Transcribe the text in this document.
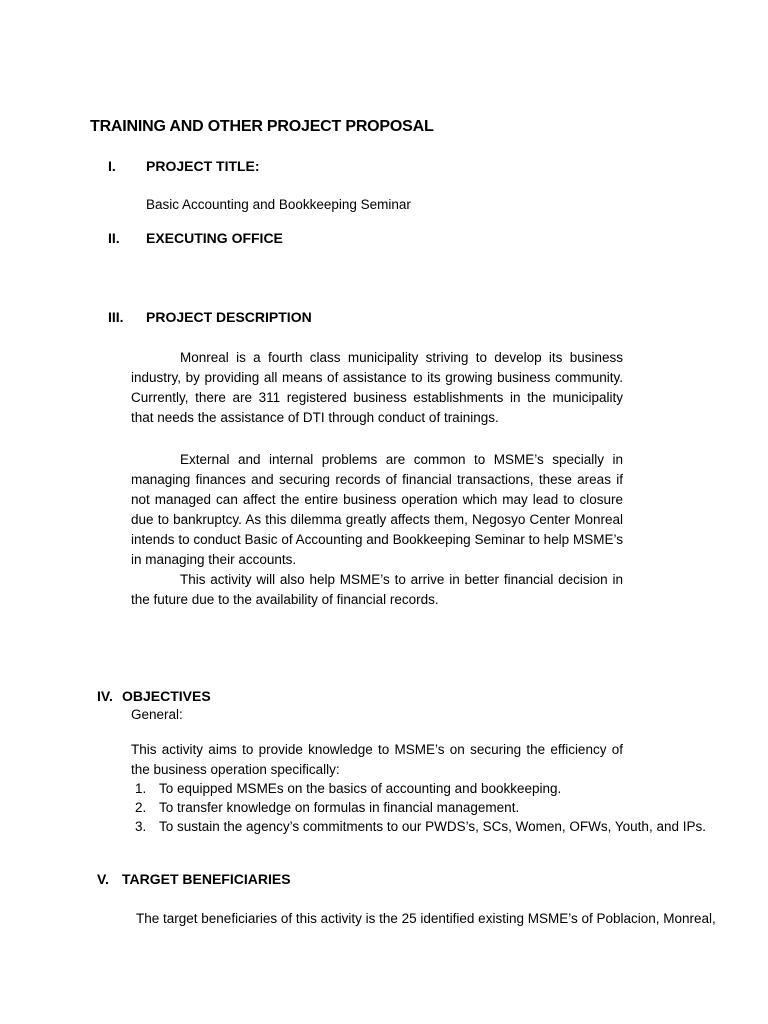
TRAINING AND OTHER PROJECT PROPOSAL
I. PROJECT TITLE:
Basic Accounting and Bookkeeping Seminar
II. EXECUTING OFFICE
III. PROJECT DESCRIPTION

Monreal is a fourth class municipality striving to develop its business industry, by providing all means of assistance to its growing business community. Currently, there are 311 registered business establishments in the municipality that needs the assistance of DTI through conduct of trainings.

External and internal problems are common to MSME’s specially in managing finances and securing records of financial transactions, these areas if not managed can affect the entire business operation which may lead to closure due to bankruptcy. As this dilemma greatly affects them, Negosyo Center Monreal intends to conduct Basic of Accounting and Bookkeeping Seminar to help MSME’s in managing their accounts.

This activity will also help MSME’s to arrive in better financial decision in the future due to the availability of financial records.

IV. OBJECTIVES
General:

This activity aims to provide knowledge to MSME’s on securing the efficiency of the business operation specifically:

1. To equipped MSMEs on the basics of accounting and bookkeeping.
2. To transfer knowledge on formulas in financial management.
3. To sustain the agency’s commitments to our PWDS’s, SCs, Women, OFWs, Youth, and IPs.
V. TARGET BENEFICIARIES
The target beneficiaries of this activity is the 25 identified existing MSME’s of Poblacion, Monreal,
